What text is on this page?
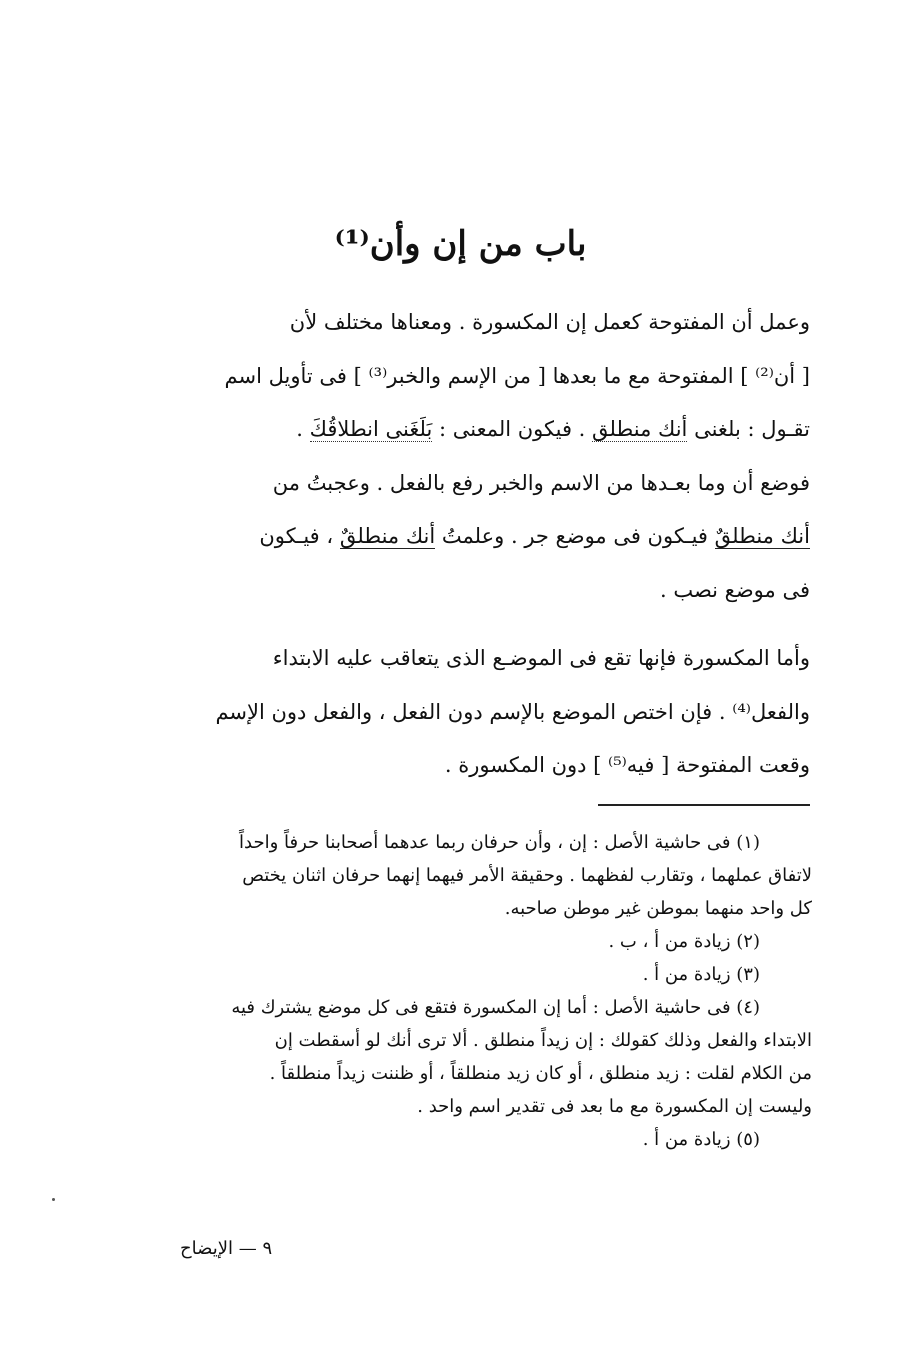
باب من إن وأن⁽¹⁾
وعمل أن المفتوحة كعمل إن المكسورة . ومعناها مختلف لأن
[ أن⁽²⁾ ] المفتوحة مع ما بعدها [ من الإسم والخبر⁽³⁾ ] فى تأويل اسم
تقـول : بلغنى أنك منطلق . فيكون المعنى : بَلَغَنى انطلاقُكَ .
فوضع أن وما بعـدها من الاسم والخبر رفع بالفعل . وعجبتُ من
أنك منطلقٌ فيـكون فى موضع جر . وعلمتُ أنك منطلقٌ ، فيـكون
فى موضع نصب .
وأما المكسورة فإنها تقع فى الموضـع الذى يتعاقب عليه الابتداء
والفعل⁽⁴⁾ . فإن اختص الموضع بالإسم دون الفعل ، والفعل دون الإسم
وقعت المفتوحة [ فيه⁽⁵⁾ ] دون المكسورة .

(١) فى حاشية الأصل : إن ، وأن حرفان ربما عدهما أصحابنا حرفاً واحداً

لاتفاق عملهما ، وتقارب لفظهما . وحقيقة الأمر فيهما إنهما حرفان اثنان يختص

كل واحد منهما بموطن غير موطن صاحبه.

(٢) زيادة من أ ، ب .

(٣) زيادة من أ .

(٤) فى حاشية الأصل : أما إن المكسورة فتقع فى كل موضع يشترك فيه

الابتداء والفعل وذلك كقولك : إن زيداً منطلق . ألا ترى أنك لو أسقطت إن

من الكلام لقلت : زيد منطلق ، أو كان زيد منطلقاً ، أو ظننت زيداً منطلقاً .

وليست إن المكسورة مع ما بعد فى تقدير اسم واحد .

(٥) زيادة من أ .

٩ — الإيضاح
